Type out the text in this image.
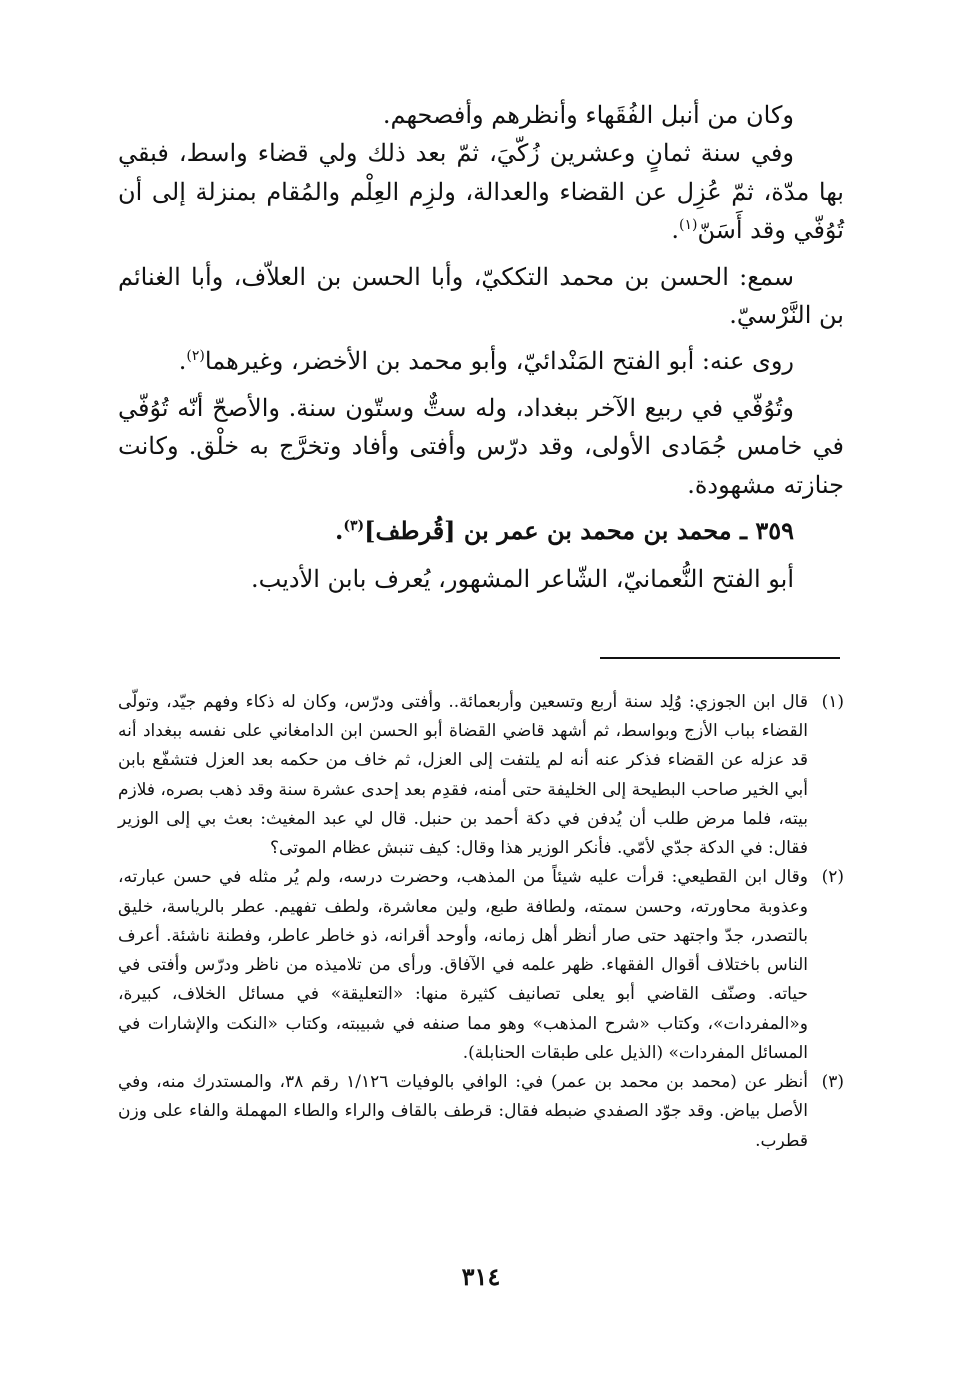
وكان من أنبل الفُقَهاء وأنظرهم وأفصحهم.

وفي سنة ثمانٍ وعشرين زُكّيَ، ثمّ بعد ذلك ولي قضاء واسط، فبقي بها مدّة، ثمّ عُزِل عن القضاء والعدالة، ولزِم العِلْم والمُقام بمنزلة إلى أن تُوُفّي وقد أَسَنّ$^{(١)}$.

سمع: الحسن بن محمد التككيّ، وأبا الحسن بن العلاّف، وأبا الغنائم بن النَّرْسيّ.

روى عنه: أبو الفتح المَنْدائيّ، وأبو محمد بن الأخضر، وغيرهما$^{(٢)}$.

وتُوُفّي في ربيع الآخر ببغداد، وله ستٌّ وستّون سنة. والأصحّ أنّه تُوُفّي في خامس جُمَادى الأولى، وقد درّس وأفتى وأفاد وتخرَّج به خلْق. وكانت جنازته مشهودة.

٣٥٩ ـ محمد بن محمد بن عمر بن [قُرطف]$^{(٣)}$.

أبو الفتح النُّعمانيّ، الشّاعر المشهور، يُعرف بابن الأديب.

(١)
قال ابن الجوزي: وُلِد سنة أربع وتسعين وأربعمائة.. وأفتى ودرّس، وكان له ذكاء وفهم جيّد، وتولّى القضاء بباب الأزج وبواسط، ثم أشهد قاضي القضاة أبو الحسن ابن الدامغاني على نفسه ببغداد أنه قد عزله عن القضاء فذكر عنه أنه لم يلتفت إلى العزل، ثم خاف من حكمه بعد العزل فتشفّع بابن أبي الخير صاحب البطيحة إلى الخليفة حتى أمنه، فقدِم بعد إحدى عشرة سنة وقد ذهب بصره، فلازم بيته، فلما مرض طلب أن يُدفن في دكة أحمد بن حنبل. قال لي عبد المغيث: بعث بي إلى الوزير فقال: في الدكة جدّي لأمّي. فأنكر الوزير هذا وقال: كيف تنبش عظام الموتى؟
(٢)
وقال ابن القطيعي: قرأت عليه شيئاً من المذهب، وحضرت درسه، ولم يُر مثله في حسن عبارته، وعذوبة محاورته، وحسن سمته، ولطافة طبع، ولين معاشرة، ولطف تفهيم. عطر بالرياسة، خليق بالتصدر، جدّ واجتهد حتى صار أنظر أهل زمانه، وأوحد أقرانه، ذو خاطر عاطر، وفطنة ناشئة. أعرف الناس باختلاف أقوال الفقهاء. ظهر علمه في الآفاق. ورأى من تلاميذه من ناظر ودرّس وأفتى في حياته. وصنّف القاضي أبو يعلى تصانيف كثيرة منها: «التعليقة» في مسائل الخلاف، كبيرة، و«المفردات»، وكتاب «شرح المذهب» وهو مما صنفه في شبيبته، وكتاب «النكت والإشارات في المسائل المفردات» (الذيل على طبقات الحنابلة).
(٣)
أنظر عن (محمد بن محمد بن عمر) في: الوافي بالوفيات ١/١٢٦ رقم ٣٨، والمستدرك منه، وفي الأصل بياض. وقد جوّد الصفدي ضبطه فقال: قرطف بالقاف والراء والطاء المهملة والفاء على وزن قطرب.
٣١٤
